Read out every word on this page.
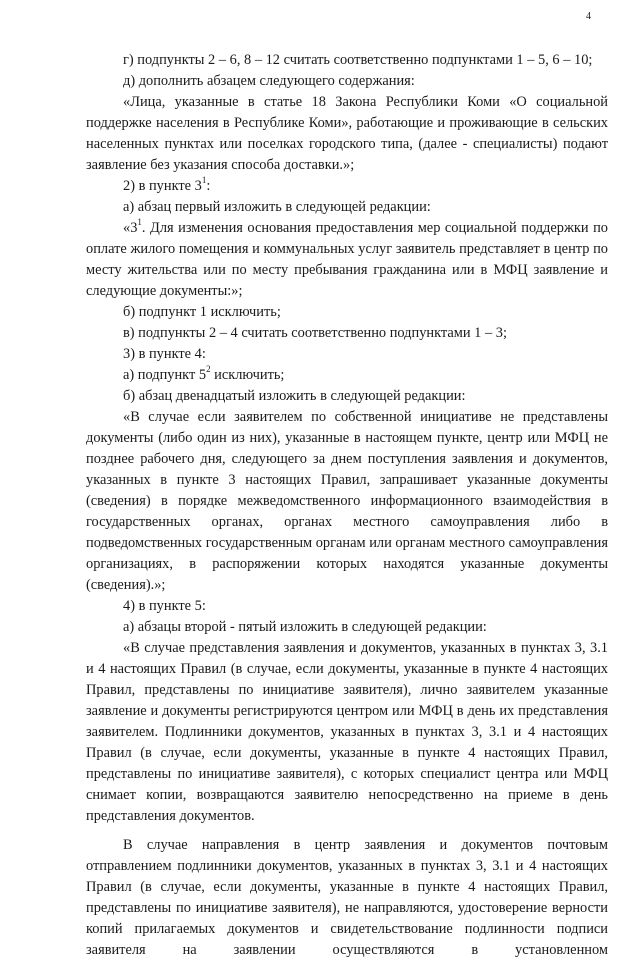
4

г) подпункты 2 – 6, 8 – 12 считать соответственно подпунктами 1 – 5, 6 – 10;

д) дополнить абзацем следующего содержания:

«Лица, указанные в статье 18 Закона Республики Коми «О социальной поддержке населения в Республике Коми», работающие и проживающие в сельских населенных пунктах или поселках городского типа, (далее - специалисты) подают заявление без указания способа доставки.»;

2) в пункте $3^1$:

а) абзац первый изложить в следующей редакции:

«$3^1$. Для изменения основания предоставления мер социальной поддержки по оплате жилого помещения и коммунальных услуг заявитель представляет в центр по месту жительства или по месту пребывания гражданина или в МФЦ заявление и следующие документы:»;

б) подпункт 1 исключить;

в) подпункты 2 – 4 считать соответственно подпунктами 1 – 3;

3) в пункте 4:

а) подпункт $5^2$ исключить;

б) абзац двенадцатый изложить в следующей редакции:

«В случае если заявителем по собственной инициативе не представлены документы (либо один из них), указанные в настоящем пункте, центр или МФЦ не позднее рабочего дня, следующего за днем поступления заявления и документов, указанных в пункте 3 настоящих Правил, запрашивает указанные документы (сведения) в порядке межведомственного информационного взаимодействия в государственных органах, органах местного самоуправления либо в подведомственных государственным органам или органам местного самоуправления организациях, в распоряжении которых находятся указанные документы (сведения).»;

4) в пункте 5:

а) абзацы второй - пятый изложить в следующей редакции:

«В случае представления заявления и документов, указанных в пунктах 3, 3.1 и 4 настоящих Правил (в случае, если документы, указанные в пункте 4 настоящих Правил, представлены по инициативе заявителя), лично заявителем указанные заявление и документы регистрируются центром или МФЦ в день их представления заявителем. Подлинники документов, указанных в пунктах 3, 3.1 и 4 настоящих Правил (в случае, если документы, указанные в пункте 4 настоящих Правил, представлены по инициативе заявителя), с которых специалист центра или МФЦ снимает копии, возвращаются заявителю непосредственно на приеме в день представления документов.

В случае направления в центр заявления и документов почтовым отправлением подлинники документов, указанных в пунктах 3, 3.1 и 4 настоящих Правил (в случае, если документы, указанные в пункте 4 настоящих Правил, представлены по инициативе заявителя), не направляются, удостоверение верности копий прилагаемых документов и свидетельствование подлинности подписи заявителя на заявлении осуществляются в установленном
